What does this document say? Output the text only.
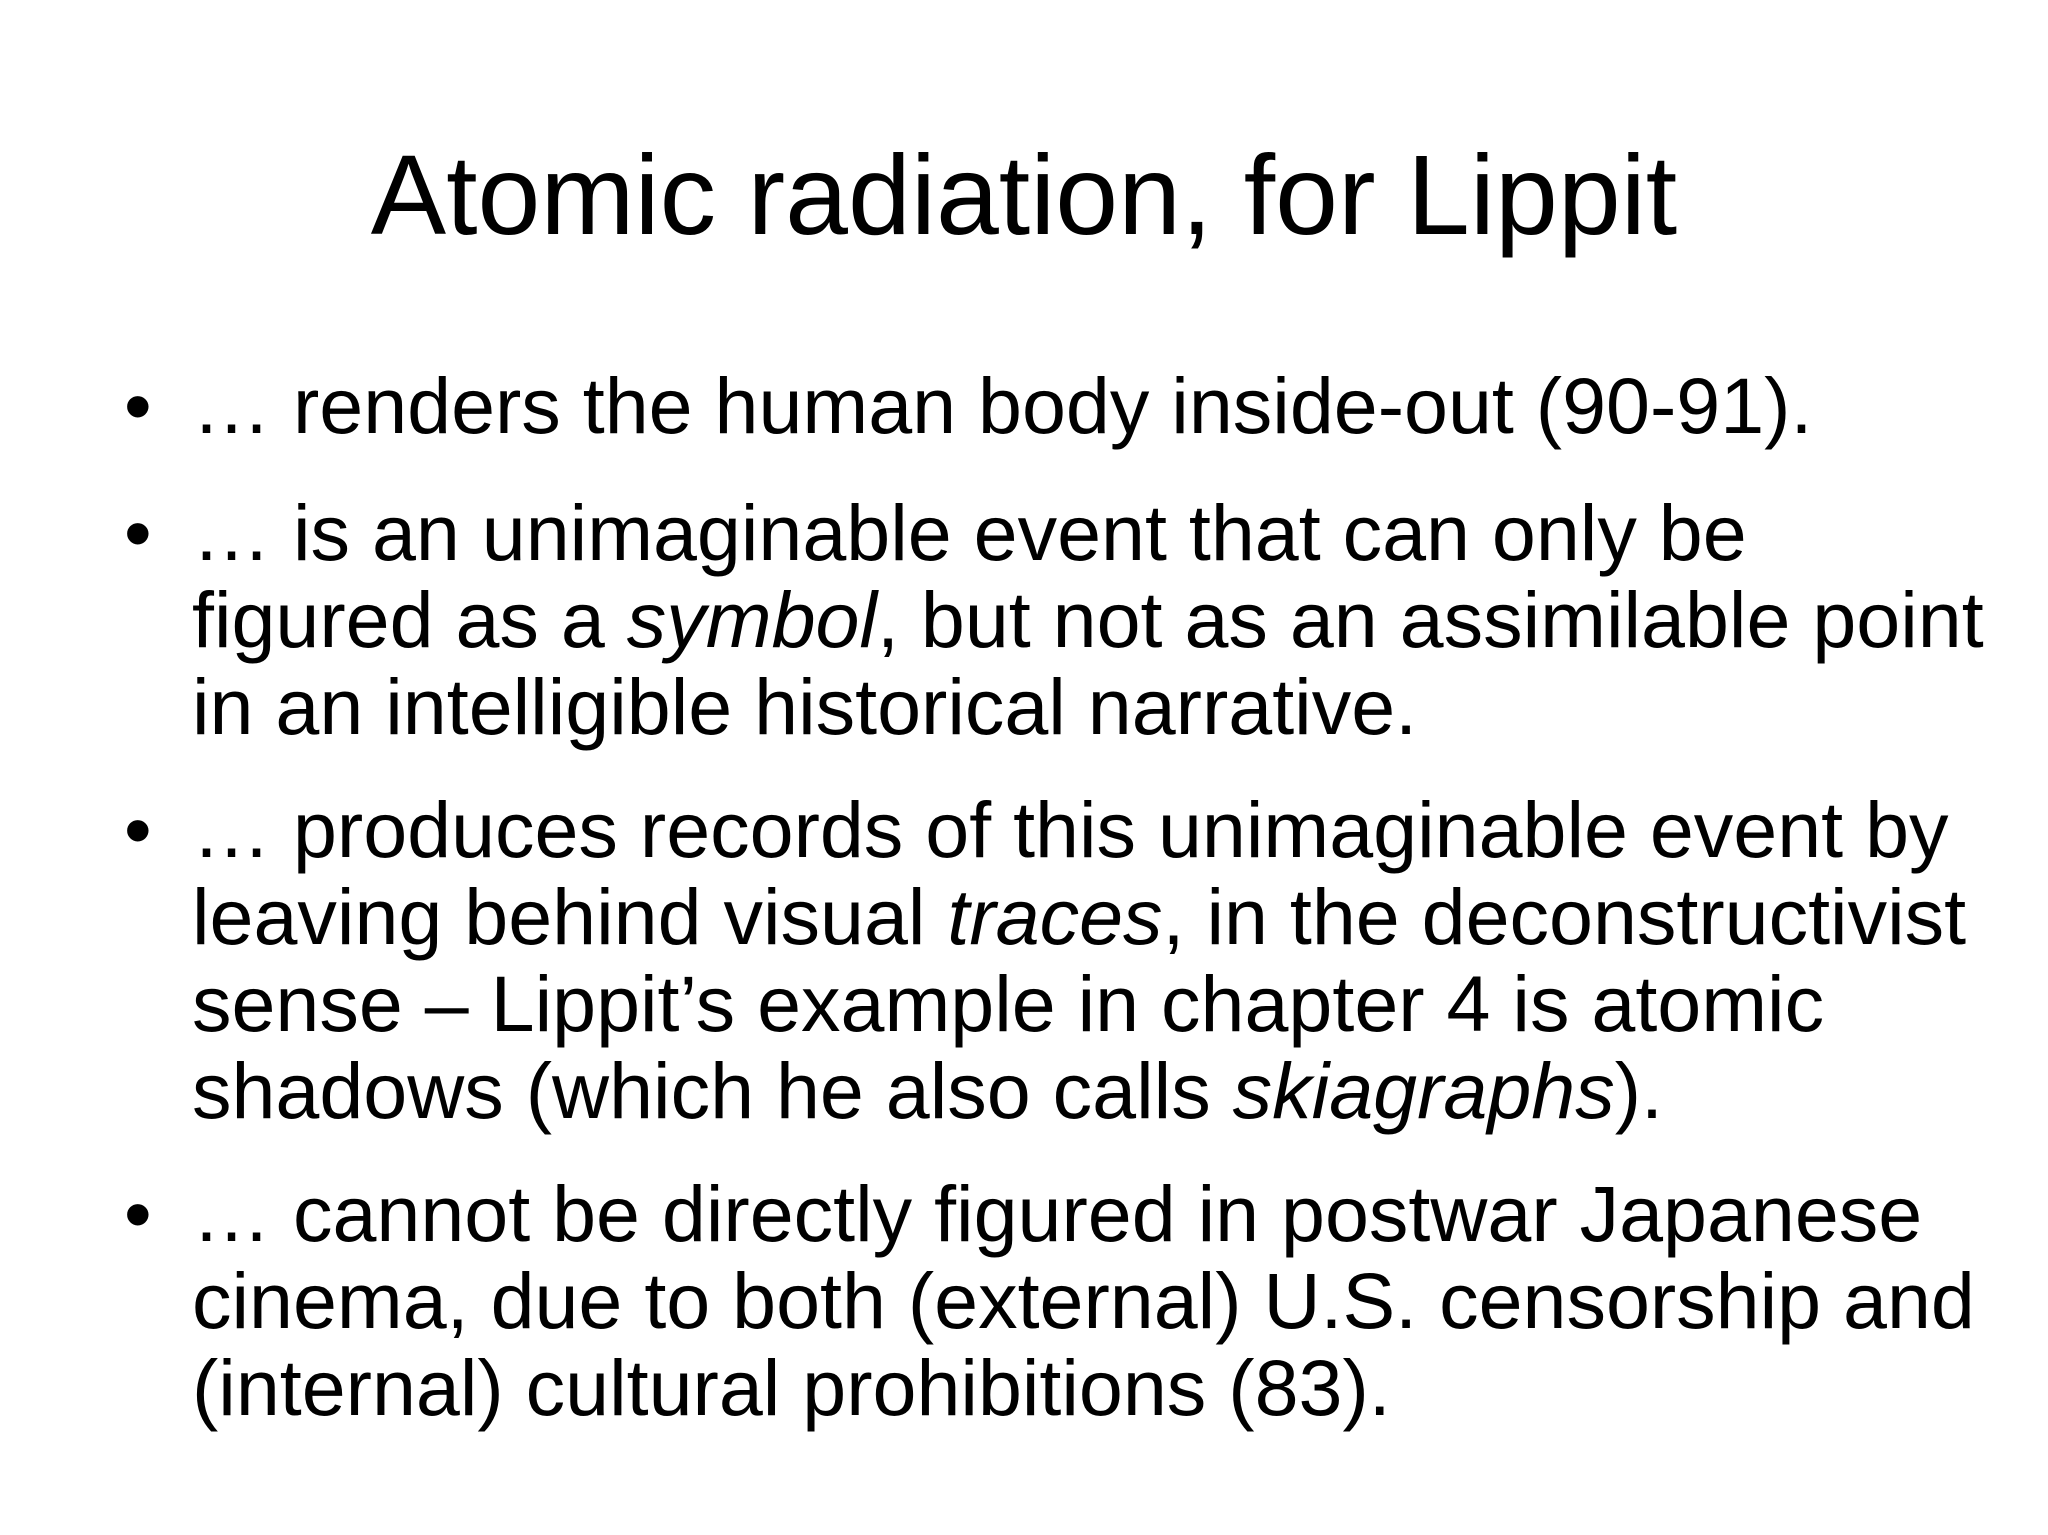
Atomic radiation, for Lippit
• … renders the human body inside-out (90-91).
• … is an unimaginable event that can only be
figured as a symbol, but not as an assimilable point
in an intelligible historical narrative.
• … produces records of this unimaginable event by
leaving behind visual traces, in the deconstructivist
sense – Lippit’s example in chapter 4 is atomic
shadows (which he also calls skiagraphs).
• … cannot be directly figured in postwar Japanese
cinema, due to both (external) U.S. censorship and
(internal) cultural prohibitions (83).
